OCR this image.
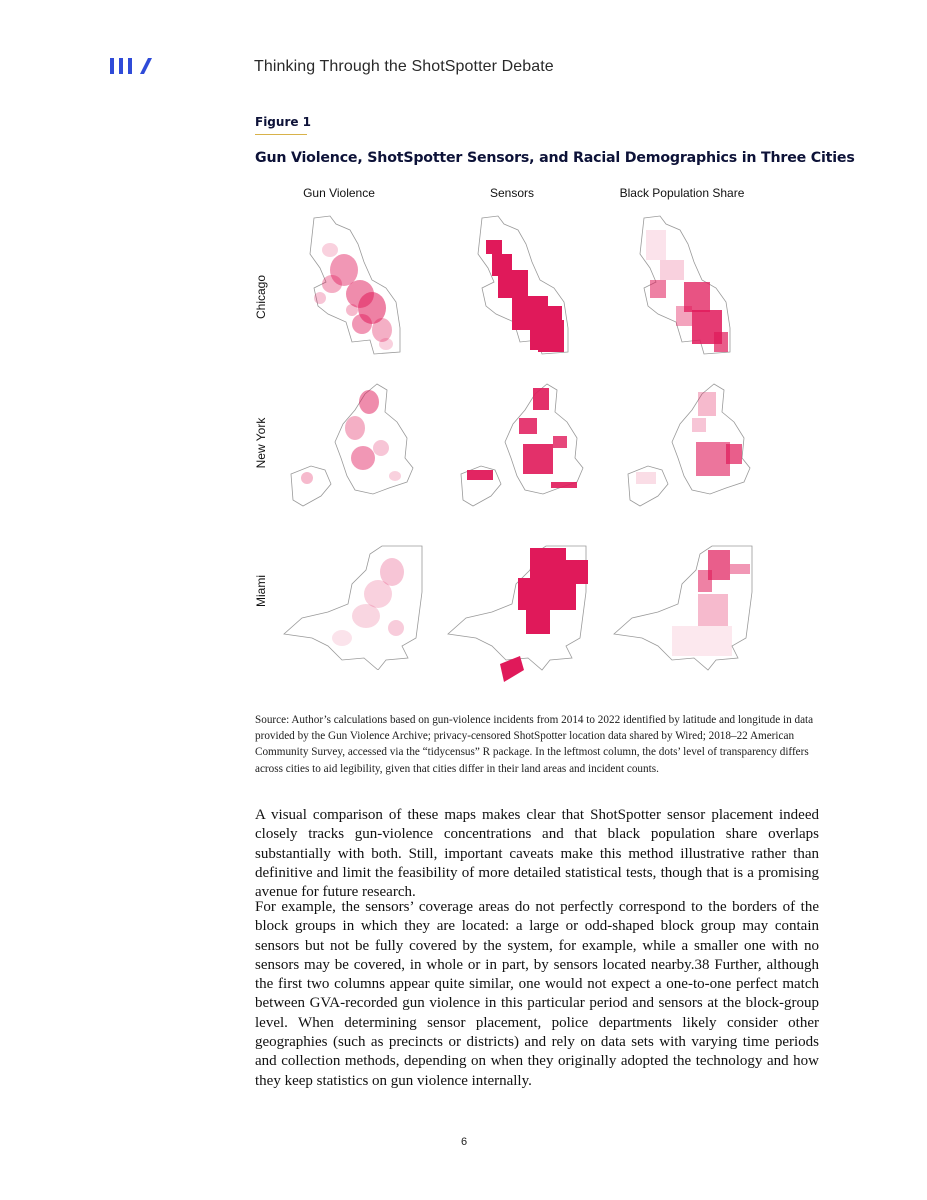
Thinking Through the ShotSpotter Debate
Figure 1
Gun Violence, ShotSpotter Sensors, and Racial Demographics in Three Cities
Gun Violence	Sensors	Black Population Share
Chicago
New York
Miami
Source: Author’s calculations based on gun-violence incidents from 2014 to 2022 identified by latitude and longitude in data provided by the Gun Violence Archive; privacy-censored ShotSpotter location data shared by Wired; 2018–22 American Community Survey, accessed via the “tidycensus” R package. In the leftmost column, the dots’ level of transparency differs across cities to aid legibility, given that cities differ in their land areas and incident counts.
A visual comparison of these maps makes clear that ShotSpotter sensor placement indeed closely tracks gun-violence concentrations and that black population share overlaps substantially with both. Still, important caveats make this method illustrative rather than definitive and limit the feasibility of more detailed statistical tests, though that is a promising avenue for future research.
For example, the sensors’ coverage areas do not perfectly correspond to the borders of the block groups in which they are located: a large or odd-shaped block group may contain sensors but not be fully covered by the system, for example, while a smaller one with no sensors may be covered, in whole or in part, by sensors located nearby.38 Further, although the first two columns appear quite similar, one would not expect a one-to-one perfect match between GVA-recorded gun violence in this particular period and sensors at the block-group level. When determining sensor placement, police departments likely consider other geographies (such as precincts or districts) and rely on data sets with varying time periods and collection methods, depending on when they originally adopted the technology and how they keep statistics on gun violence internally.
6
